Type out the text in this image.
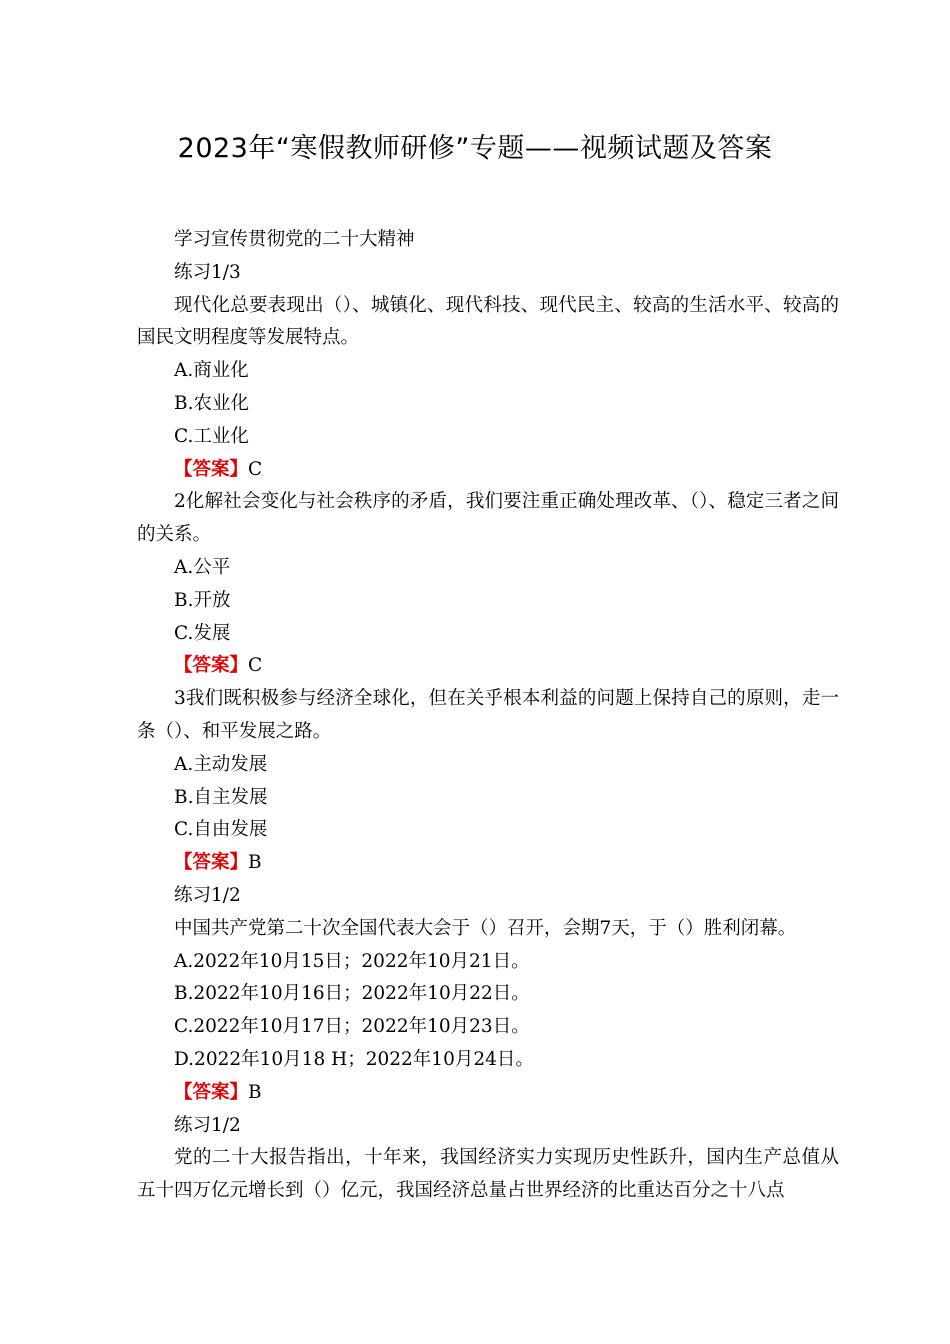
2023年“寒假教师研修”专题——视频试题及答案
学习宣传贯彻党的二十大精神
练习1/3
现代化总要表现出（）、城镇化、现代科技、现代民主、较高的生活水平、较高的国民文明程度等发展特点。
A.商业化
B.农业化
C.工业化
【答案】C
2化解社会变化与社会秩序的矛盾，我们要注重正确处理改革、（）、稳定三者之间的关系。
A.公平
B.开放
C.发展
【答案】C
3我们既积极参与经济全球化，但在关乎根本利益的问题上保持自己的原则，走一条（）、和平发展之路。
A.主动发展
B.自主发展
C.自由发展
【答案】B
练习1/2
中国共产党第二十次全国代表大会于（）召开，会期7天，于（）胜利闭幕。
A.2022年10月15日；2022年10月21日。
B.2022年10月16日；2022年10月22日。
C.2022年10月17日；2022年10月23日。
D.2022年10月18 H；2022年10月24日。
【答案】B
练习1/2
党的二十大报告指出，十年来，我国经济实力实现历史性跃升，国内生产总值从五十四万亿元增长到（）亿元，我国经济总量占世界经济的比重达百分之十八点
